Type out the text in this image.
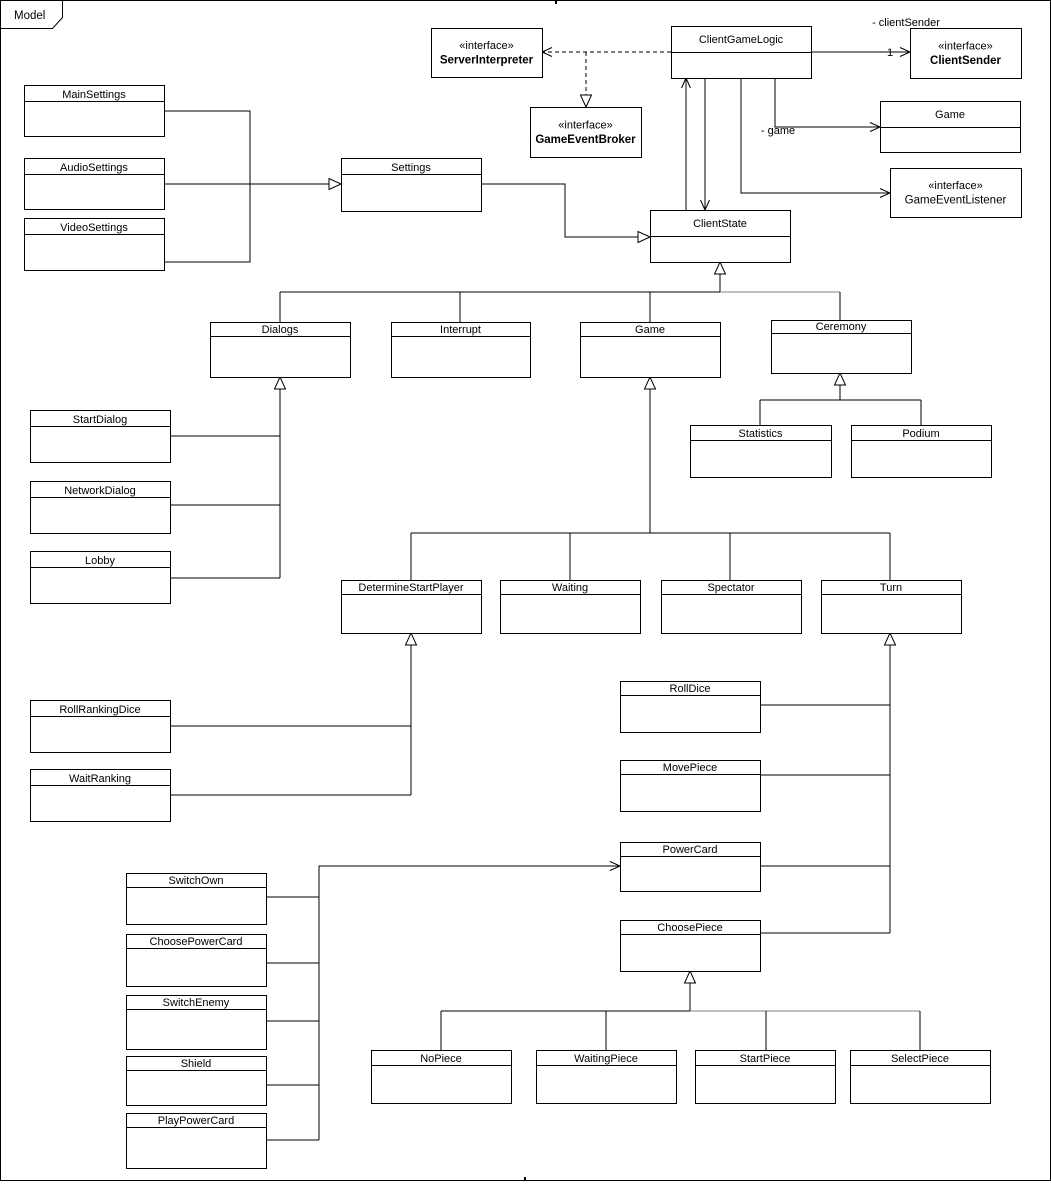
MainSettings
AudioSettings
VideoSettings
Settings
ClientGameLogic
«interface»
ServerInterpreter
«interface»
GameEventBroker
«interface»
ClientSender
Game
«interface»
GameEventListener
ClientState
Dialogs	Interrupt	Game	Ceremony
StartDialog
NetworkDialog
Lobby
Statistics	Podium
DetermineStartPlayer	Waiting	Spectator	Turn
RollRankingDice
WaitRanking
RollDice
MovePiece
PowerCard
ChoosePiece
SwitchOwn
ChoosePowerCard
SwitchEnemy
Shield
PlayPowerCard
NoPiece	WaitingPiece	StartPiece	SelectPiece
- clientSender
1
- game
Model
